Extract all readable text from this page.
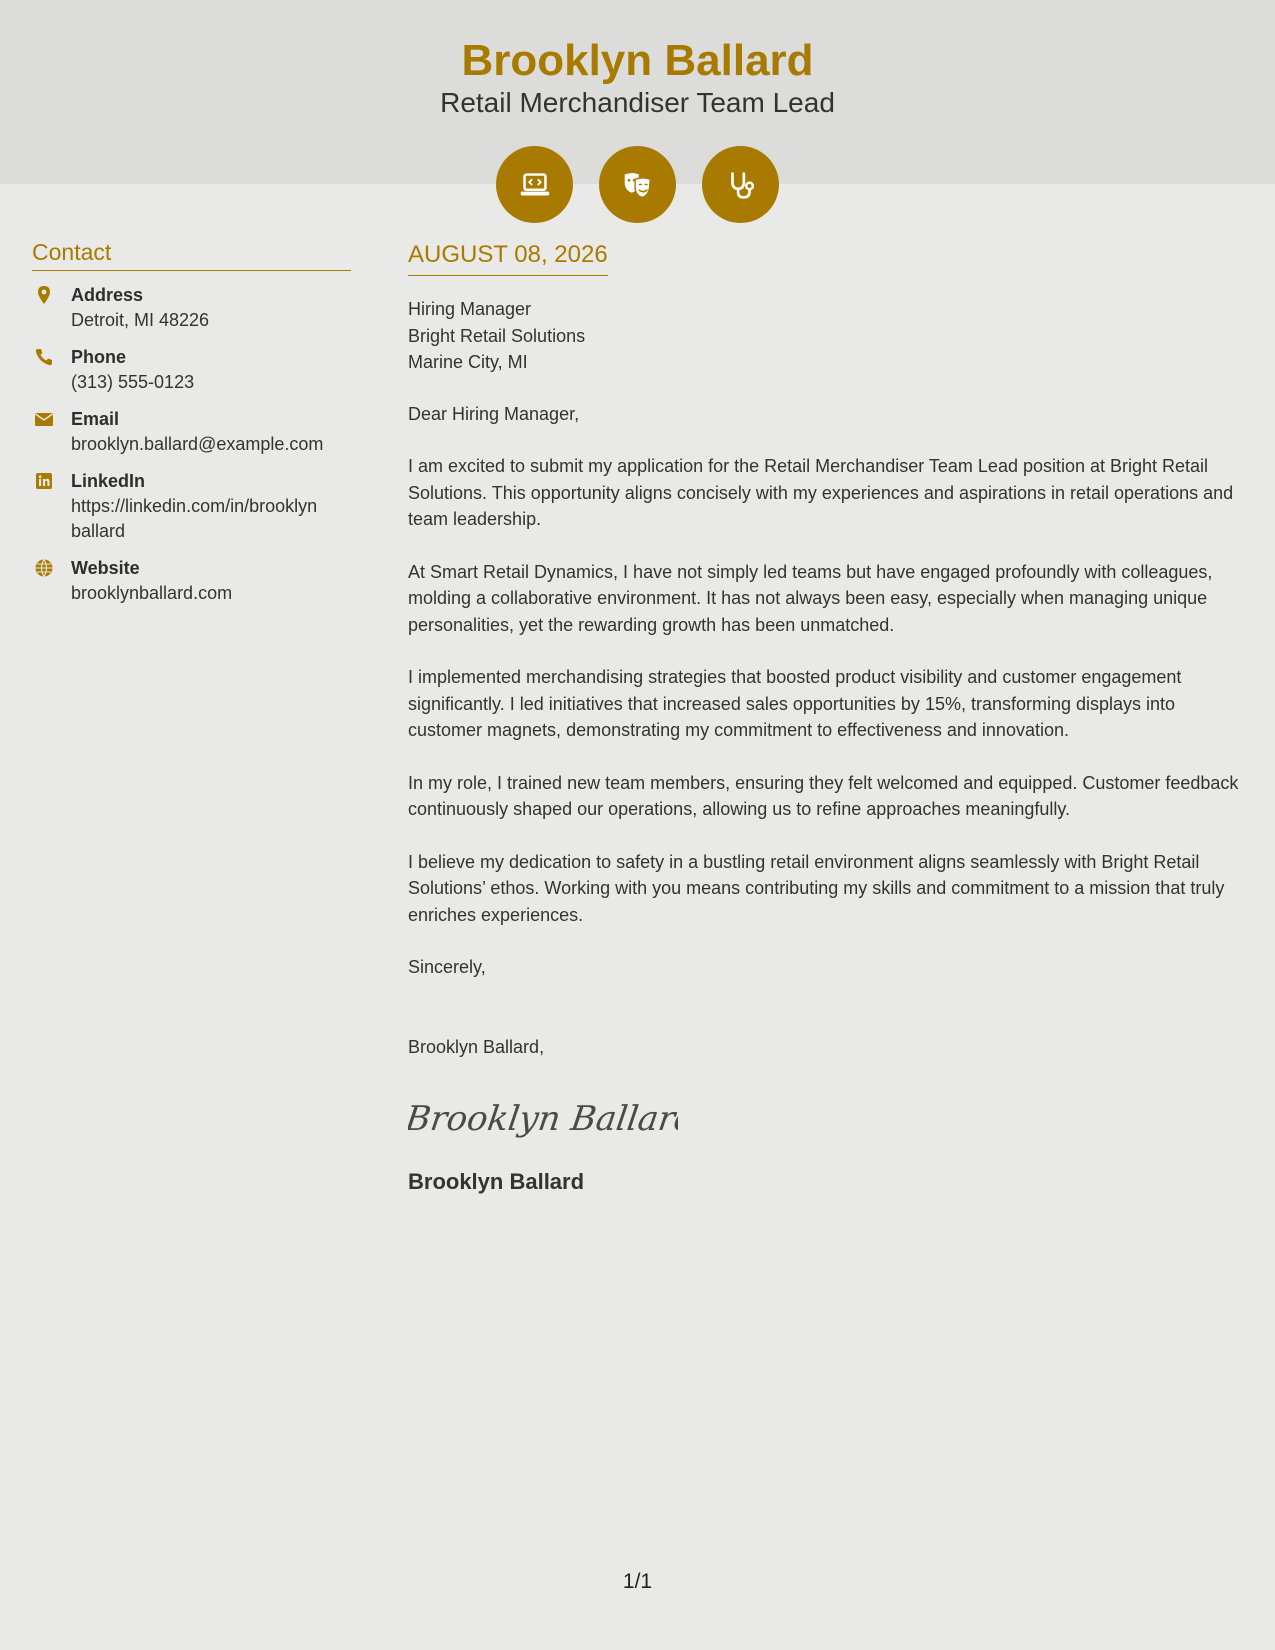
Brooklyn Ballard
Retail Merchandiser Team Lead
Contact
Address
Detroit, MI 48226
Phone
(313) 555-0123
Email
brooklyn.ballard@example.com
LinkedIn
https://linkedin.com/in/brooklyn
ballard
Website
brooklynballard.com
AUGUST 08, 2026
Hiring Manager
Bright Retail Solutions
Marine City, MI

Dear Hiring Manager,

I am excited to submit my application for the Retail Merchandiser Team Lead position at Bright Retail Solutions. This opportunity aligns concisely with my experiences and aspirations in retail operations and team leadership.

At Smart Retail Dynamics, I have not simply led teams but have engaged profoundly with colleagues, molding a collaborative environment. It has not always been easy, especially when managing unique personalities, yet the rewarding growth has been unmatched.

I implemented merchandising strategies that boosted product visibility and customer engagement significantly. I led initiatives that increased sales opportunities by 15%, transforming displays into customer magnets, demonstrating my commitment to effectiveness and innovation.

In my role, I trained new team members, ensuring they felt welcomed and equipped. Customer feedback continuously shaped our operations, allowing us to refine approaches meaningfully.

I believe my dedication to safety in a bustling retail environment aligns seamlessly with Bright Retail Solutions’ ethos. Working with you means contributing my skills and commitment to a mission that truly enriches experiences.

Sincerely,

Brooklyn Ballard,

Brooklyn Ballard
Brooklyn Ballard
1/1
